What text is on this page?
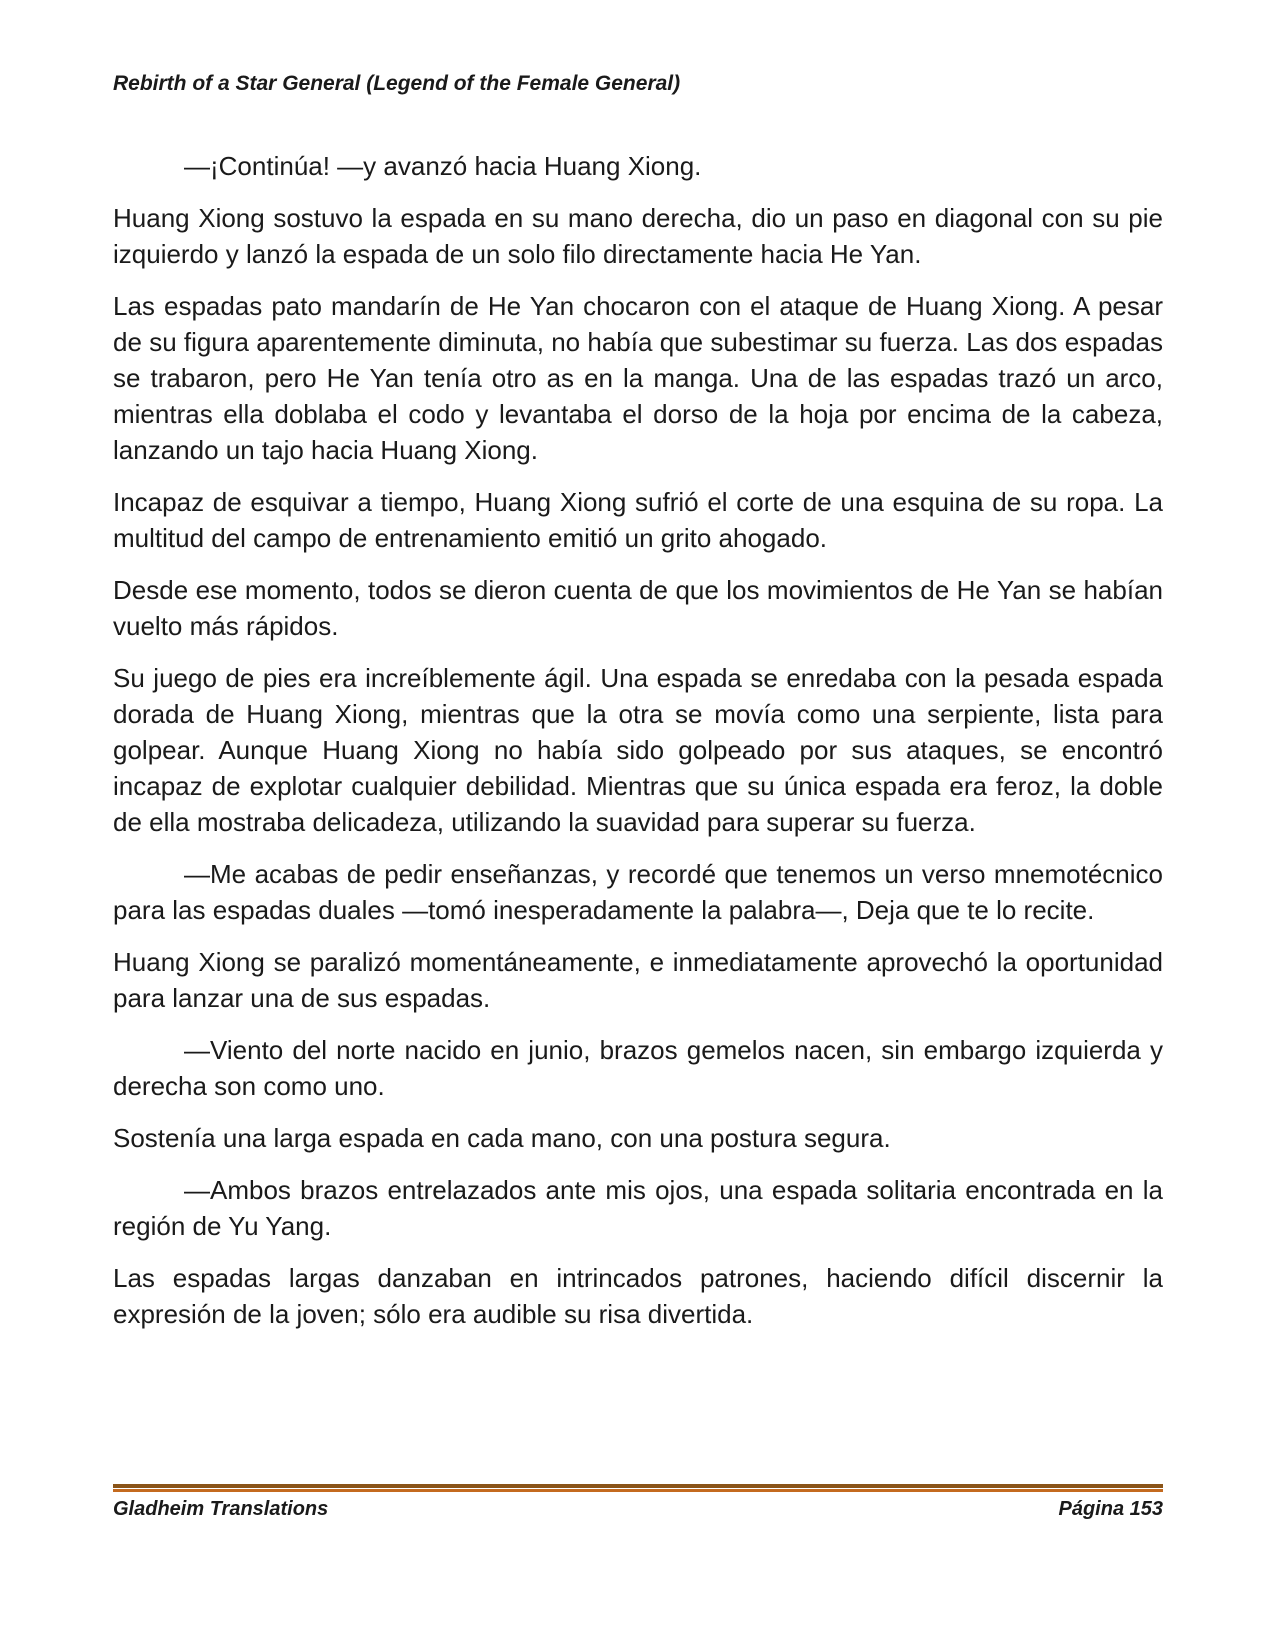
Rebirth of a Star General (Legend of the Female General)

—¡Continúa! —y avanzó hacia Huang Xiong.

Huang Xiong sostuvo la espada en su mano derecha, dio un paso en diagonal con su pie izquierdo y lanzó la espada de un solo filo directamente hacia He Yan.

Las espadas pato mandarín de He Yan chocaron con el ataque de Huang Xiong. A pesar de su figura aparentemente diminuta, no había que subestimar su fuerza. Las dos espadas se trabaron, pero He Yan tenía otro as en la manga. Una de las espadas trazó un arco, mientras ella doblaba el codo y levantaba el dorso de la hoja por encima de la cabeza, lanzando un tajo hacia Huang Xiong.

Incapaz de esquivar a tiempo, Huang Xiong sufrió el corte de una esquina de su ropa. La multitud del campo de entrenamiento emitió un grito ahogado.

Desde ese momento, todos se dieron cuenta de que los movimientos de He Yan se habían vuelto más rápidos.

Su juego de pies era increíblemente ágil. Una espada se enredaba con la pesada espada dorada de Huang Xiong, mientras que la otra se movía como una serpiente, lista para golpear. Aunque Huang Xiong no había sido golpeado por sus ataques, se encontró incapaz de explotar cualquier debilidad. Mientras que su única espada era feroz, la doble de ella mostraba delicadeza, utilizando la suavidad para superar su fuerza.

—Me acabas de pedir enseñanzas, y recordé que tenemos un verso mnemotécnico para las espadas duales —tomó inesperadamente la palabra—, Deja que te lo recite.

Huang Xiong se paralizó momentáneamente, e inmediatamente aprovechó la oportunidad para lanzar una de sus espadas.

—Viento del norte nacido en junio, brazos gemelos nacen, sin embargo izquierda y derecha son como uno.

Sostenía una larga espada en cada mano, con una postura segura.

—Ambos brazos entrelazados ante mis ojos, una espada solitaria encontrada en la región de Yu Yang.

Las espadas largas danzaban en intrincados patrones, haciendo difícil discernir la expresión de la joven; sólo era audible su risa divertida.

Gladheim Translations	Página 153
